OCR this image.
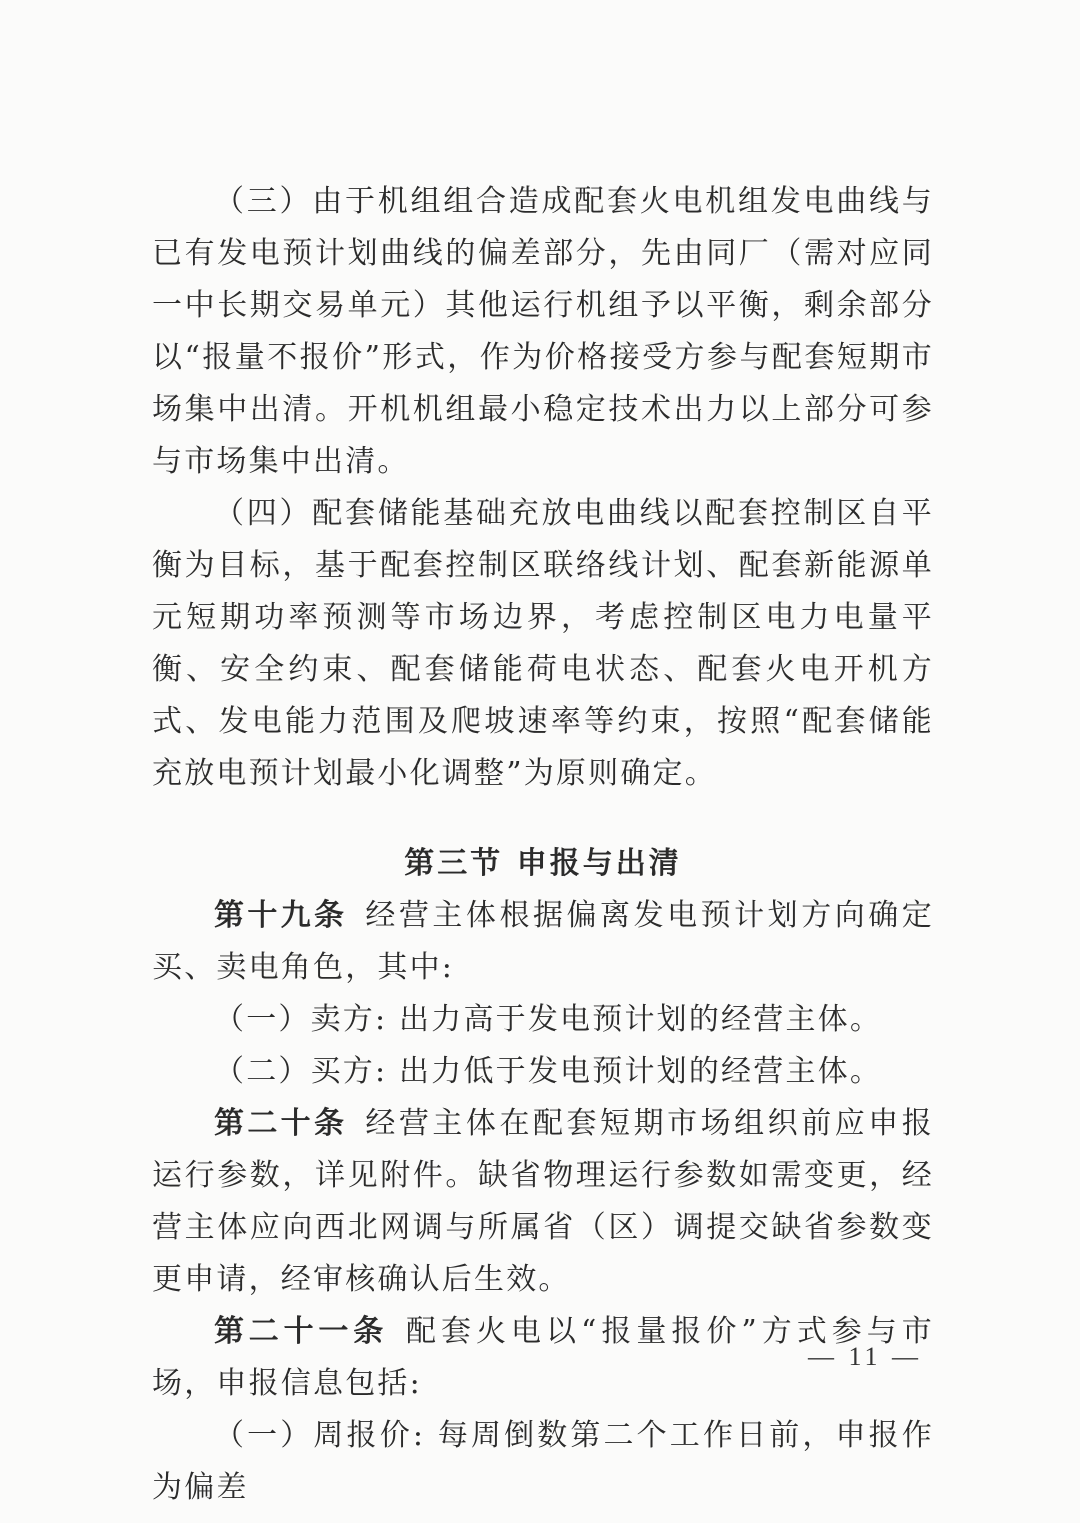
（三）由于机组组合造成配套火电机组发电曲线与已有发电预计划曲线的偏差部分，先由同厂（需对应同一中长期交易单元）其他运行机组予以平衡，剩余部分以“报量不报价”形式，作为价格接受方参与配套短期市场集中出清。开机机组最小稳定技术出力以上部分可参与市场集中出清。

（四）配套储能基础充放电曲线以配套控制区自平衡为目标，基于配套控制区联络线计划、配套新能源单元短期功率预测等市场边界，考虑控制区电力电量平衡、安全约束、配套储能荷电状态、配套火电开机方式、发电能力范围及爬坡速率等约束，按照“配套储能充放电预计划最小化调整”为原则确定。

第三节 申报与出清

第十九条 经营主体根据偏离发电预计划方向确定买、卖电角色，其中:

（一）卖方: 出力高于发电预计划的经营主体。

（二）买方: 出力低于发电预计划的经营主体。

第二十条 经营主体在配套短期市场组织前应申报运行参数，详见附件。缺省物理运行参数如需变更，经营主体应向西北网调与所属省（区）调提交缺省参数变更申请，经审核确认后生效。

第二十一条 配套火电以“报量报价”方式参与市场，申报信息包括:

（一）周报价: 每周倒数第二个工作日前，申报作为偏差

— 11 —
